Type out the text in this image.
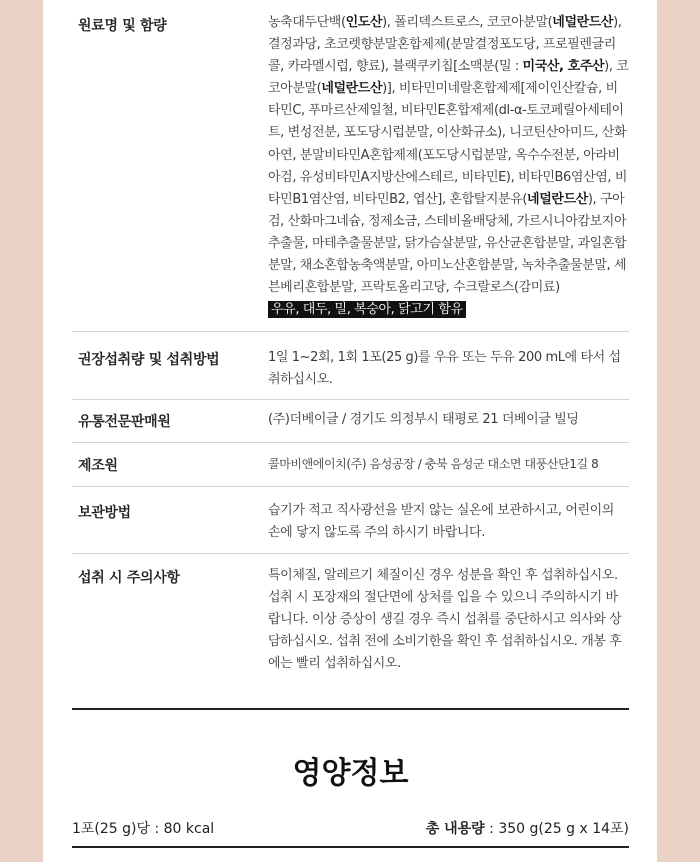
원료명 및 함량	농축대두단백(인도산), 폴리덱스트로스, 코코아분말(네덜란드산), 결정과당, 초코렛향분말혼합제제(분말결정포도당, 프로필렌글리콜, 카라멜시럽, 향료), 블랙쿠키칩[소맥분(밀 : 미국산, 호주산), 코코아분말(네덜란드산)], 비타민미네랄혼합제제[제이인산칼슘, 비타민C, 푸마르산제일철, 비타민E혼합제제(dl-α-토코페릴아세테이트, 변성전분, 포도당시럽분말, 이산화규소), 니코틴산아미드, 산화아연, 분말비타민A혼합제제(포도당시럽분말, 옥수수전분, 아라비아검, 유성비타민A지방산에스테르, 비타민E), 비타민B6염산염, 비타민B1염산염, 비타민B2, 엽산], 혼합탈지분유(네덜란드산), 구아검, 산화마그네슘, 정제소금, 스테비올배당체, 가르시니아캄보지아추출물, 마테추출물분말, 닭가슴살분말, 유산균혼합분말, 과일혼합분말, 채소혼합농축액분말, 아미노산혼합분말, 녹차추출물분말, 세븐베리혼합분말, 프락토올리고당, 수크랄로스(감미료)
우유, 대두, 밀, 복숭아, 닭고기 함유
권장섭취량 및 섭취방법	1일 1~2회, 1회 1포(25 g)를 우유 또는 두유 200 mL에 타서 섭취하십시오.
유통전문판매원	(주)더베이글 / 경기도 의정부시 태평로 21 더베이글 빌딩
제조원	콜마비앤에이치(주) 음성공장 / 충북 음성군 대소면 대풍산단1길 8
보관방법	습기가 적고 직사광선을 받지 않는 실온에 보관하시고, 어린이의 손에 닿지 않도록 주의 하시기 바랍니다.
섭취 시 주의사항	특이체질, 알레르기 체질이신 경우 성분을 확인 후 섭취하십시오. 섭취 시 포장재의 절단면에 상처를 입을 수 있으니 주의하시기 바랍니다. 이상 증상이 생길 경우 즉시 섭취를 중단하시고 의사와 상담하십시오. 섭취 전에 소비기한을 확인 후 섭취하십시오. 개봉 후에는 빨리 섭취하십시오.
영양정보
1포(25 g)당 : 80 kcal	총 내용량 : 350 g(25 g x 14포)
